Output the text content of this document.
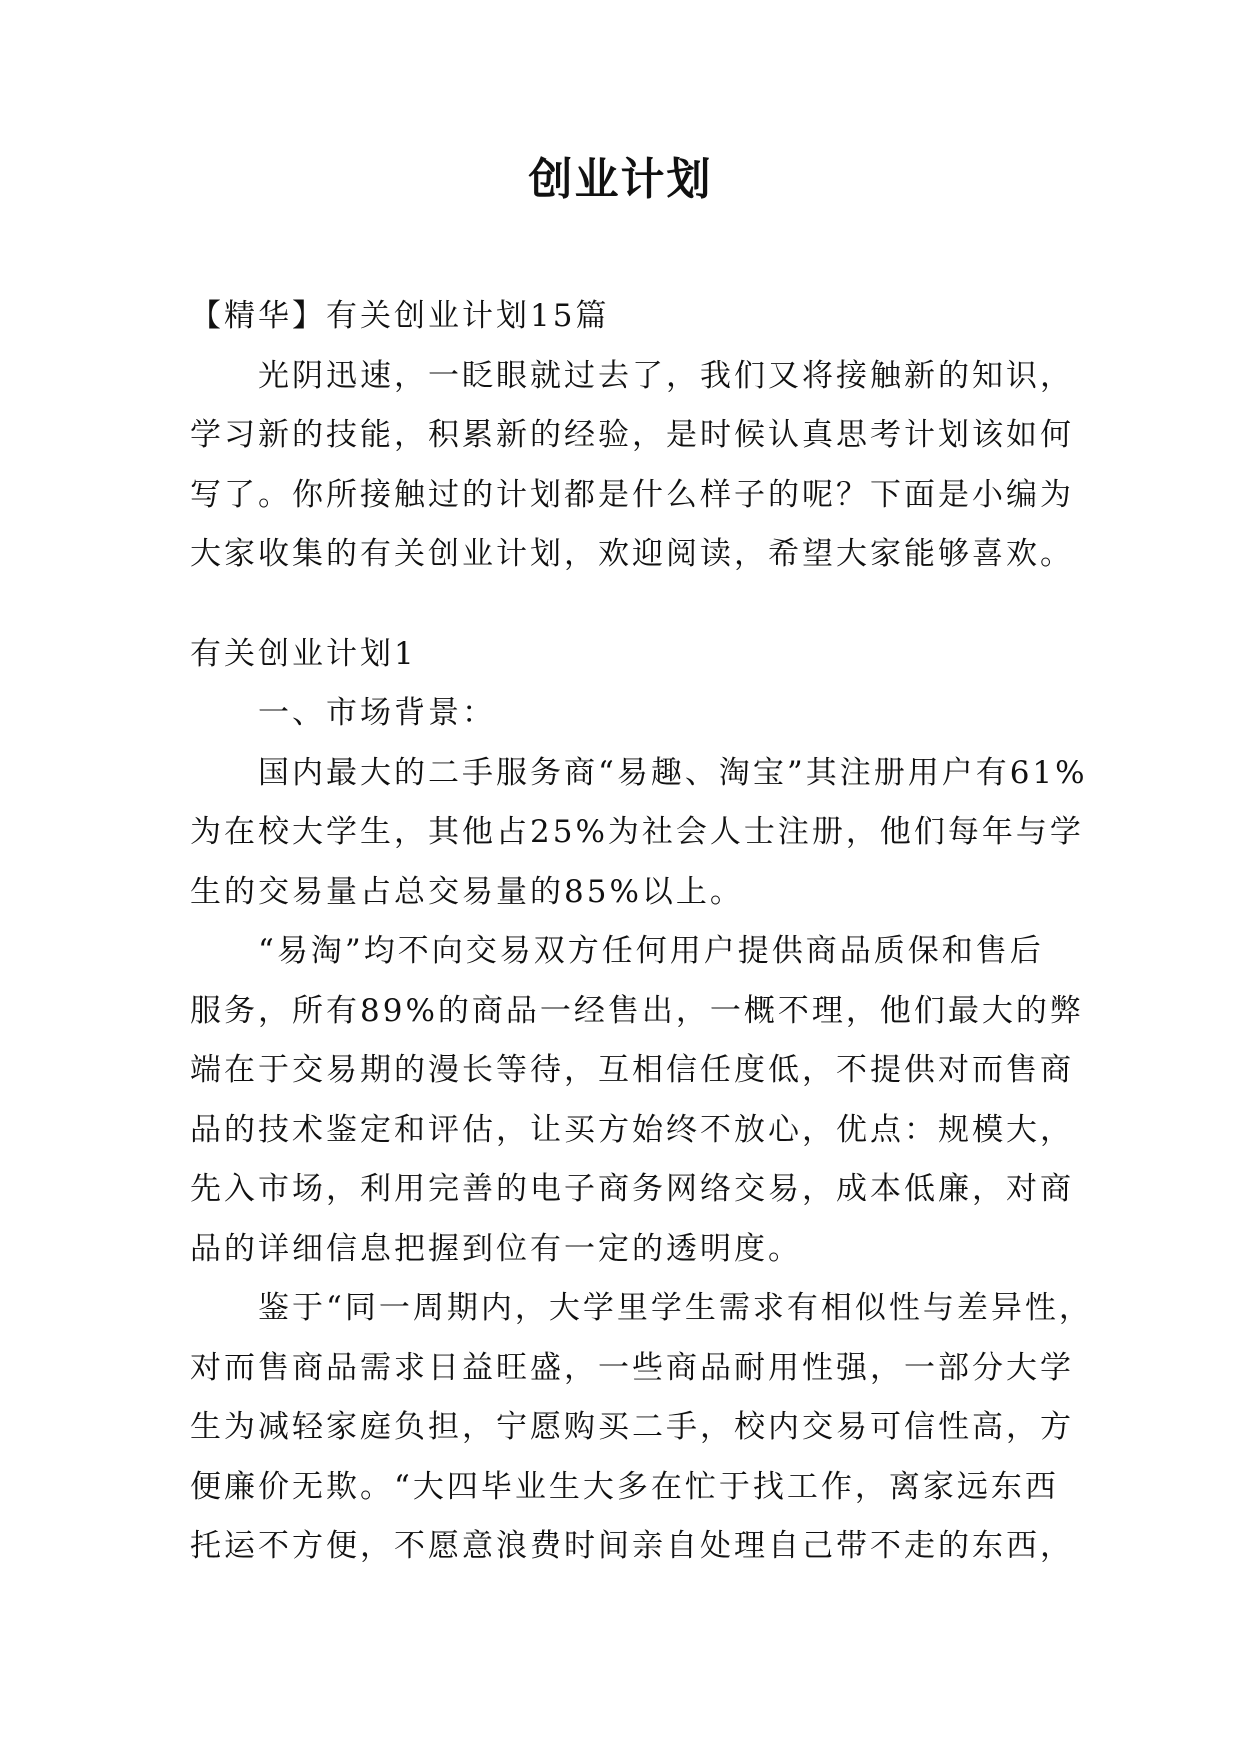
创业计划

【精华】有关创业计划15篇

光阴迅速，一眨眼就过去了，我们又将接触新的知识，

学习新的技能，积累新的经验，是时候认真思考计划该如何

写了。你所接触过的计划都是什么样子的呢？下面是小编为

大家收集的有关创业计划，欢迎阅读，希望大家能够喜欢。

有关创业计划1

一、市场背景：

国内最大的二手服务商“易趣、淘宝”其注册用户有61%

为在校大学生，其他占25%为社会人士注册，他们每年与学

生的交易量占总交易量的85%以上。

“易淘”均不向交易双方任何用户提供商品质保和售后

服务，所有89%的商品一经售出，一概不理，他们最大的弊

端在于交易期的漫长等待，互相信任度低，不提供对而售商

品的技术鉴定和评估，让买方始终不放心，优点：规模大，

先入市场，利用完善的电子商务网络交易，成本低廉，对商

品的详细信息把握到位有一定的透明度。

鉴于“同一周期内，大学里学生需求有相似性与差异性，

对而售商品需求日益旺盛，一些商品耐用性强，一部分大学

生为减轻家庭负担，宁愿购买二手，校内交易可信性高，方

便廉价无欺。“大四毕业生大多在忙于找工作，离家远东西

托运不方便，不愿意浪费时间亲自处理自己带不走的东西，
